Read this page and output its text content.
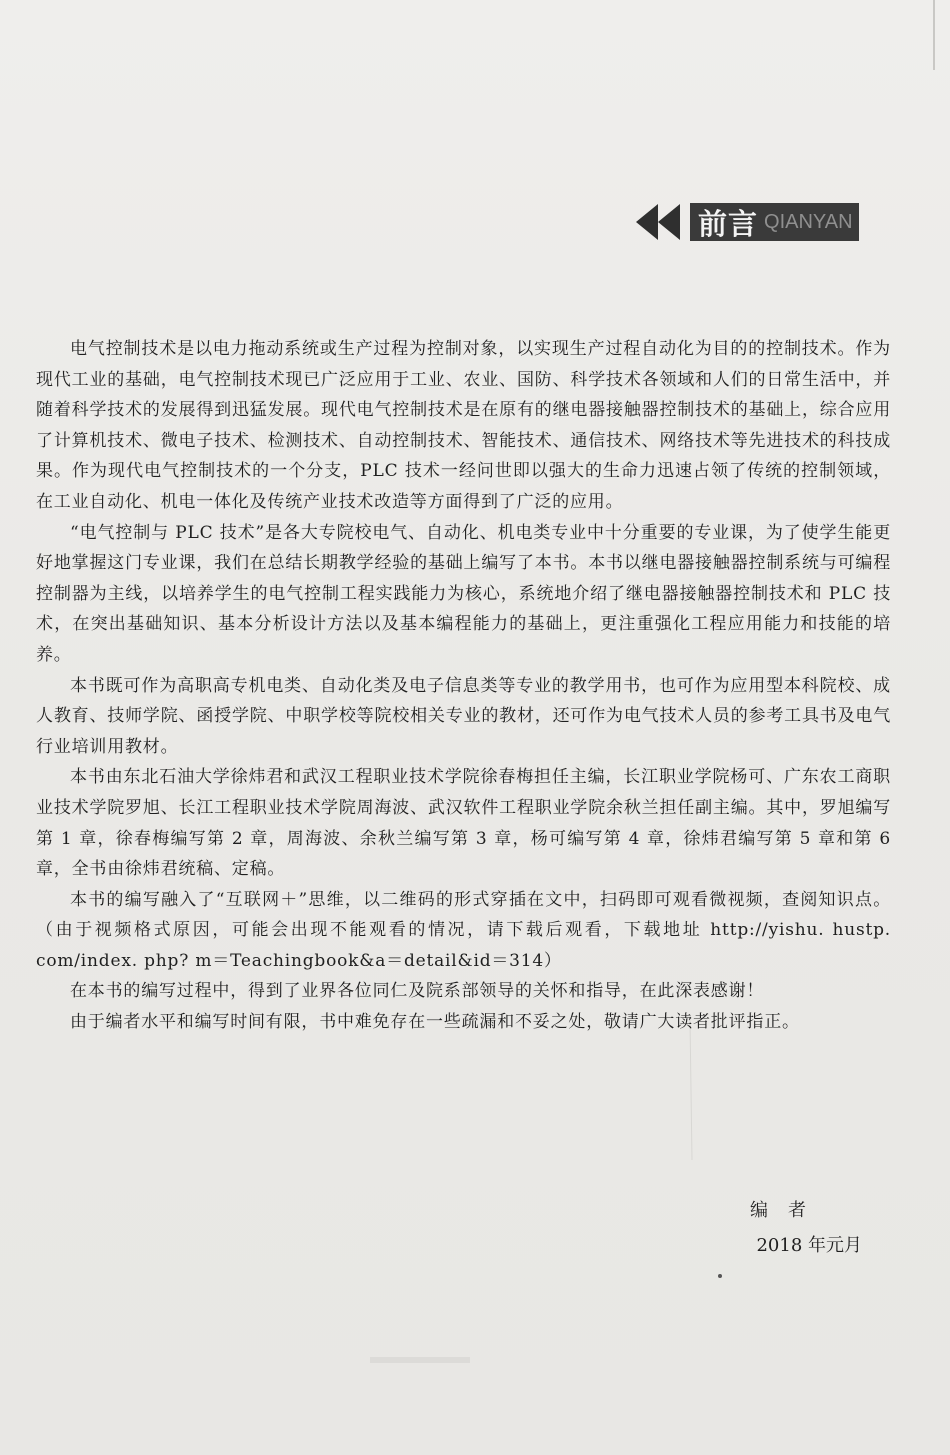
前言 QIANYAN

电气控制技术是以电力拖动系统或生产过程为控制对象，以实现生产过程自动化为目的的控制技术。作为现代工业的基础，电气控制技术现已广泛应用于工业、农业、国防、科学技术各领域和人们的日常生活中，并随着科学技术的发展得到迅猛发展。现代电气控制技术是在原有的继电器接触器控制技术的基础上，综合应用了计算机技术、微电子技术、检测技术、自动控制技术、智能技术、通信技术、网络技术等先进技术的科技成果。作为现代电气控制技术的一个分支，PLC 技术一经问世即以强大的生命力迅速占领了传统的控制领域，在工业自动化、机电一体化及传统产业技术改造等方面得到了广泛的应用。

“电气控制与 PLC 技术”是各大专院校电气、自动化、机电类专业中十分重要的专业课，为了使学生能更好地掌握这门专业课，我们在总结长期教学经验的基础上编写了本书。本书以继电器接触器控制系统与可编程控制器为主线，以培养学生的电气控制工程实践能力为核心，系统地介绍了继电器接触器控制技术和 PLC 技术，在突出基础知识、基本分析设计方法以及基本编程能力的基础上，更注重强化工程应用能力和技能的培养。

本书既可作为高职高专机电类、自动化类及电子信息类等专业的教学用书，也可作为应用型本科院校、成人教育、技师学院、函授学院、中职学校等院校相关专业的教材，还可作为电气技术人员的参考工具书及电气行业培训用教材。

本书由东北石油大学徐炜君和武汉工程职业技术学院徐春梅担任主编，长江职业学院杨可、广东农工商职业技术学院罗旭、长江工程职业技术学院周海波、武汉软件工程职业学院余秋兰担任副主编。其中，罗旭编写第 1 章，徐春梅编写第 2 章，周海波、余秋兰编写第 3 章，杨可编写第 4 章，徐炜君编写第 5 章和第 6 章，全书由徐炜君统稿、定稿。

本书的编写融入了“互联网＋”思维，以二维码的形式穿插在文中，扫码即可观看微视频，查阅知识点。（由于视频格式原因，可能会出现不能观看的情况，请下载后观看，下载地址 http://yishu. hustp. com/index. php? m＝Teachingbook&a＝detail&id＝314）

在本书的编写过程中，得到了业界各位同仁及院系部领导的关怀和指导，在此深表感谢！

由于编者水平和编写时间有限，书中难免存在一些疏漏和不妥之处，敬请广大读者批评指正。

编者
2018 年元月
